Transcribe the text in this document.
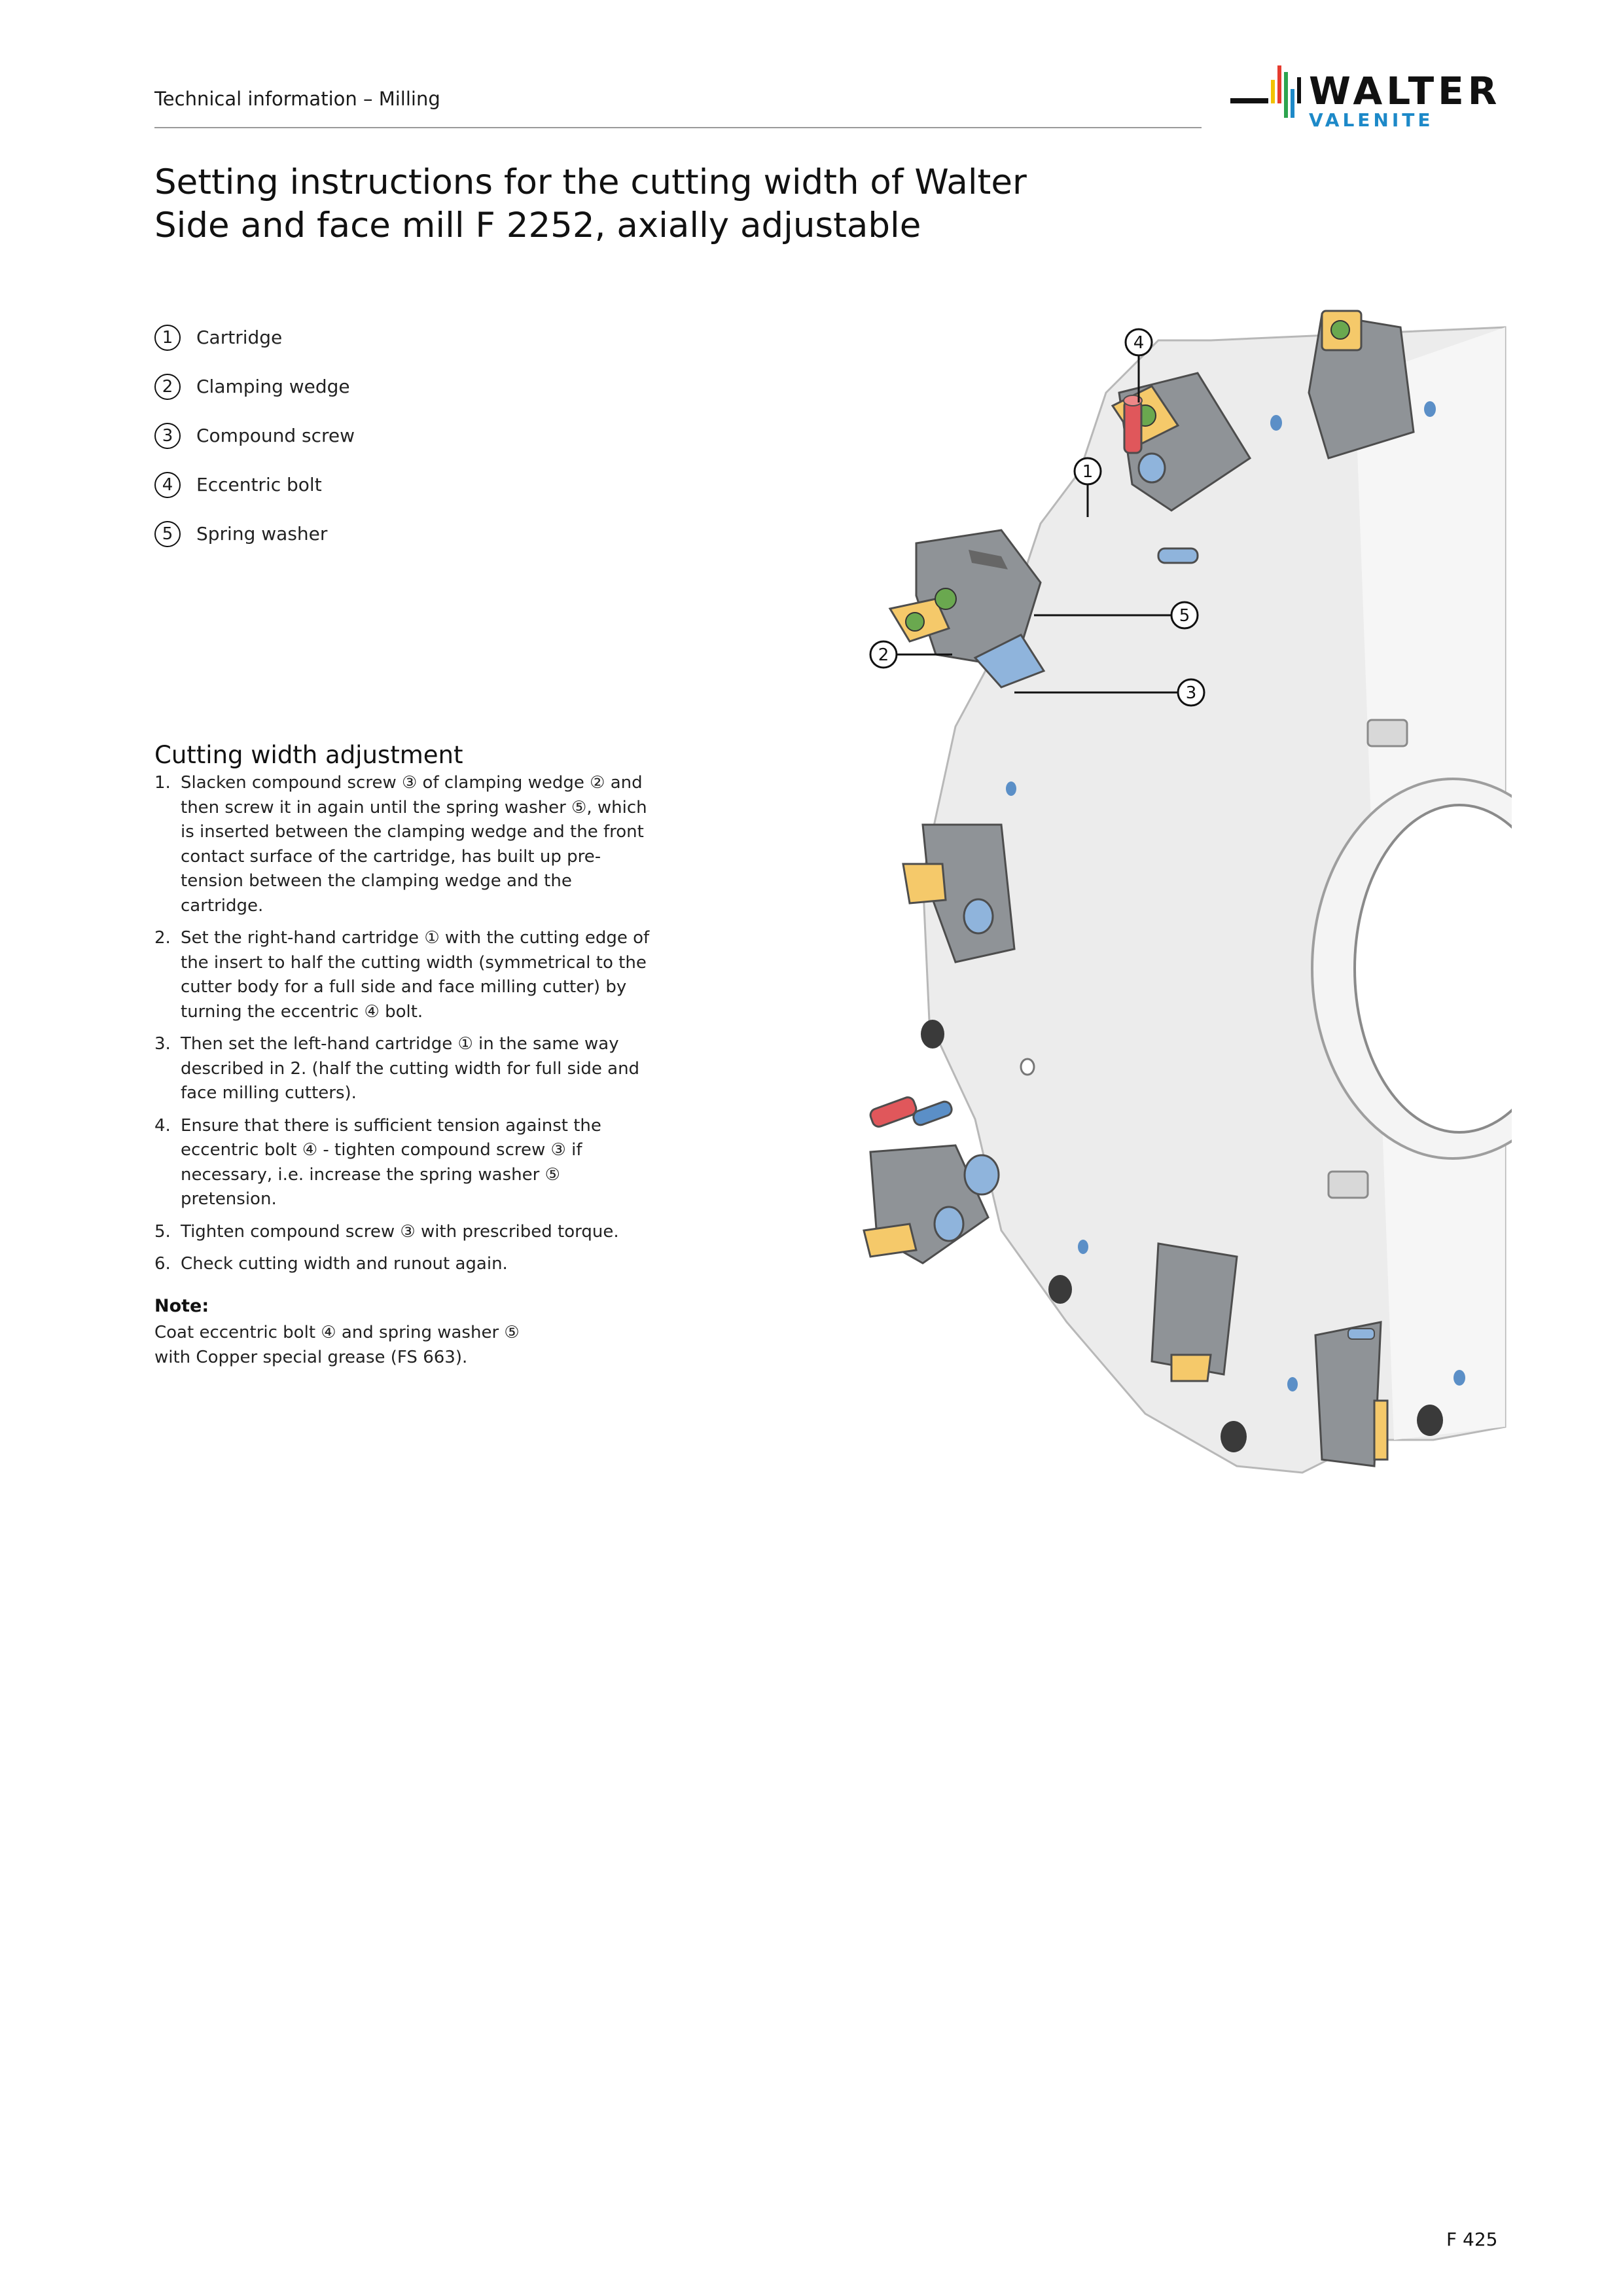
Technical information – Milling	WALTER
VALENITE
Setting instructions for the cutting width of Walter Side and face mill F 2252, axially adjustable
1	Cartridge
2	Clamping wedge
3	Compound screw
4	Eccentric bolt
5	Spring washer
Cutting width adjustment
1. Slacken compound screw ③ of clamping wedge ② and then screw it in again until the spring washer ⑤, which is inserted between the clamping wedge and the front contact surface of the cartridge, has built up pre-tension between the clamping wedge and the cartridge.
2. Set the right-hand cartridge ① with the cutting edge of the insert to half the cutting width (symmetrical to the cutter body for a full side and face milling cutter) by turning the eccentric ④ bolt.
3. Then set the left-hand cartridge ① in the same way described in 2. (half the cutting width for full side and face milling cutters).
4. Ensure that there is sufficient tension against the eccentric bolt ④ - tighten compound screw ③ if necessary, i.e. increase the spring washer ⑤ pretension.
5. Tighten compound screw ③ with prescribed torque.
6. Check cutting width and runout again.
Note:
Coat eccentric bolt ④ and spring washer ⑤ with Copper special grease (FS 663).
1
2
3
4
5
F 425
